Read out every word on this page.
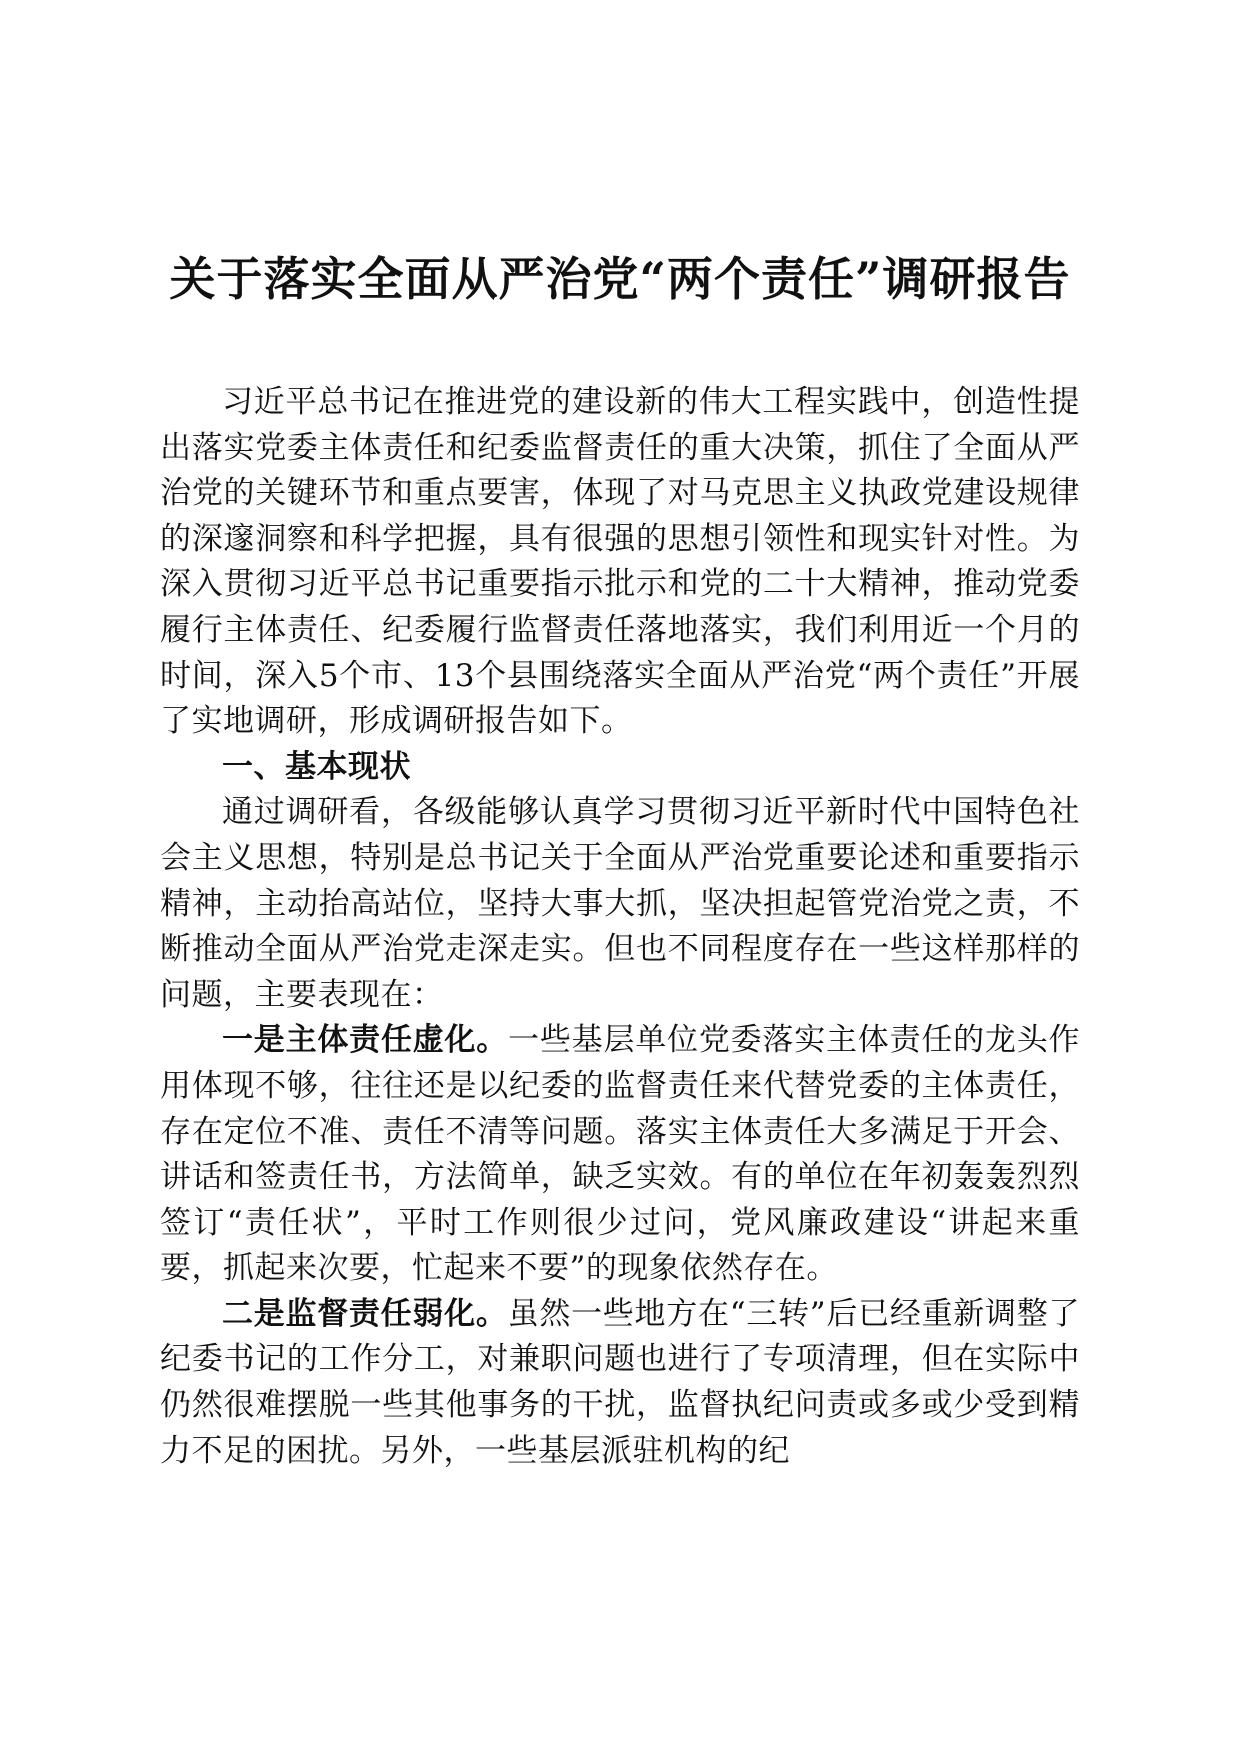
关于落实全面从严治党“两个责任”调研报告

习近平总书记在推进党的建设新的伟大工程实践中，创造性提出落实党委主体责任和纪委监督责任的重大决策，抓住了全面从严治党的关键环节和重点要害，体现了对马克思主义执政党建设规律的深邃洞察和科学把握，具有很强的思想引领性和现实针对性。为深入贯彻习近平总书记重要指示批示和党的二十大精神，推动党委履行主体责任、纪委履行监督责任落地落实，我们利用近一个月的时间，深入5个市、13个县围绕落实全面从严治党“两个责任”开展了实地调研，形成调研报告如下。

一、基本现状

通过调研看，各级能够认真学习贯彻习近平新时代中国特色社会主义思想，特别是总书记关于全面从严治党重要论述和重要指示精神，主动抬高站位，坚持大事大抓，坚决担起管党治党之责，不断推动全面从严治党走深走实。但也不同程度存在一些这样那样的问题，主要表现在：

一是主体责任虚化。一些基层单位党委落实主体责任的龙头作用体现不够，往往还是以纪委的监督责任来代替党委的主体责任，存在定位不准、责任不清等问题。落实主体责任大多满足于开会、讲话和签责任书，方法简单，缺乏实效。有的单位在年初轰轰烈烈签订“责任状”，平时工作则很少过问，党风廉政建设“讲起来重要，抓起来次要，忙起来不要”的现象依然存在。

二是监督责任弱化。虽然一些地方在“三转”后已经重新调整了纪委书记的工作分工，对兼职问题也进行了专项清理，但在实际中仍然很难摆脱一些其他事务的干扰，监督执纪问责或多或少受到精力不足的困扰。另外，一些基层派驻机构的纪
